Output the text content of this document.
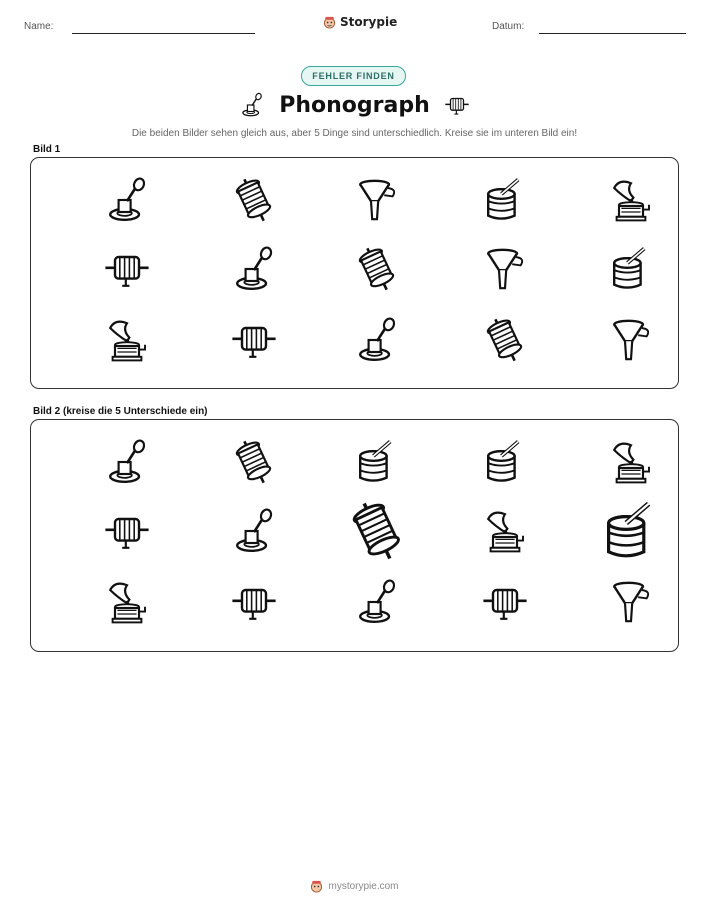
Name:	Storypie	Datum:
FEHLER FINDEN
Phonograph
Die beiden Bilder sehen gleich aus, aber 5 Dinge sind unterschiedlich. Kreise sie im unteren Bild ein!
Bild 1
Bild 2 (kreise die 5 Unterschiede ein)
mystorypie.com
